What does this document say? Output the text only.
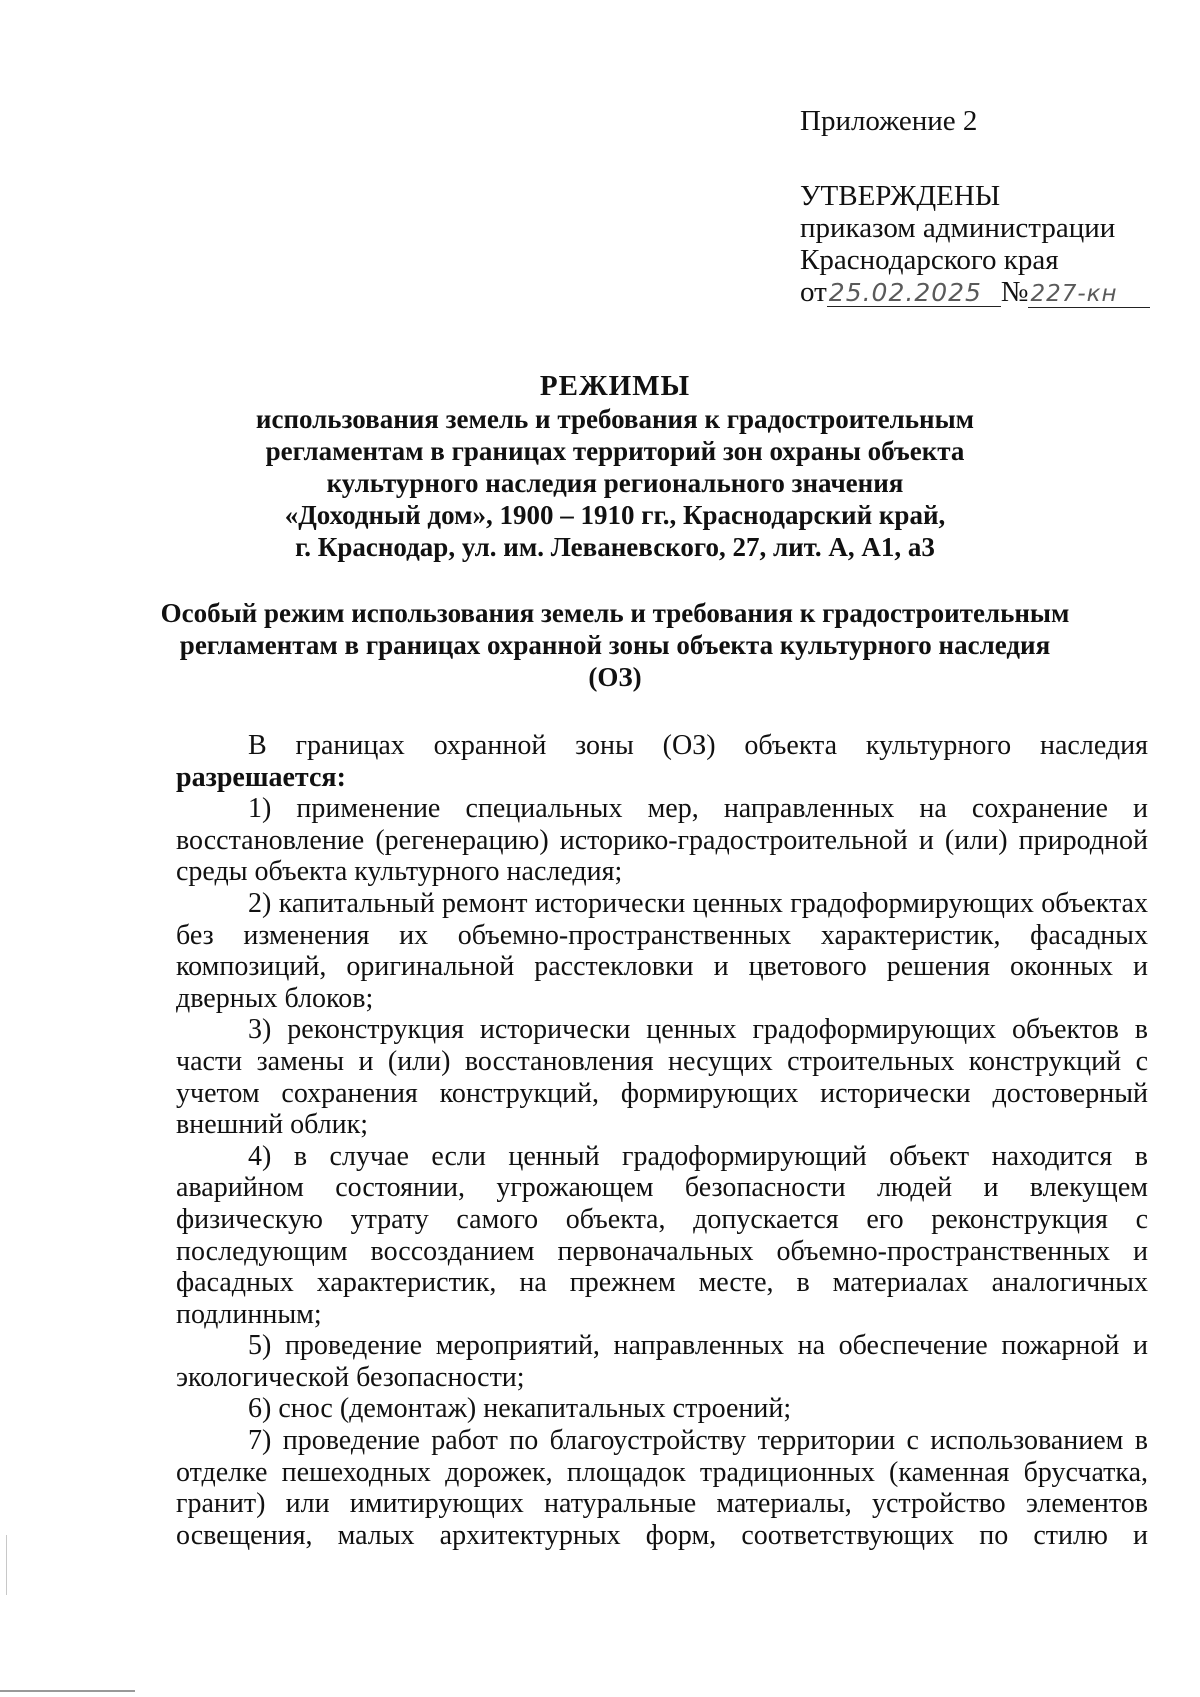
Приложение 2
УТВЕРЖДЕНЫ
приказом администрации
Краснодарского края
от25.02.2025 №227-кн
РЕЖИМЫ
использования земель и требования к градостроительным
регламентам в границах территорий зон охраны объекта
культурного наследия регионального значения
«Доходный дом», 1900 – 1910 гг., Краснодарский край,
г. Краснодар, ул. им. Леваневского, 27, лит. А, А1, а3
Особый режим использования земель и требования к градостроительным
регламентам в границах охранной зоны объекта культурного наследия
(ОЗ)

В границах охранной зоны (ОЗ) объекта культурного наследия

разрешается:

1) применение специальных мер, направленных на сохранение и восстановление (регенерацию) историко-градостроительной и (или) природной среды объекта культурного наследия;

2) капитальный ремонт исторически ценных градоформирующих объектах без изменения их объемно-пространственных характеристик, фасадных композиций, оригинальной расстекловки и цветового решения оконных и дверных блоков;

3) реконструкция исторически ценных градоформирующих объектов в части замены и (или) восстановления несущих строительных конструкций с учетом сохранения конструкций, формирующих исторически достоверный внешний облик;

4) в случае если ценный градоформирующий объект находится в аварийном состоянии, угрожающем безопасности людей и влекущем физическую утрату самого объекта, допускается его реконструкция с последующим воссозданием первоначальных объемно-пространственных и фасадных характеристик, на прежнем месте, в материалах аналогичных подлинным;

5) проведение мероприятий, направленных на обеспечение пожарной и экологической безопасности;

6) снос (демонтаж) некапитальных строений;

7) проведение работ по благоустройству территории с использованием в отделке пешеходных дорожек, площадок традиционных (каменная брусчатка, гранит) или имитирующих натуральные материалы, устройство элементов освещения, малых архитектурных форм, соответствующих по стилю и
